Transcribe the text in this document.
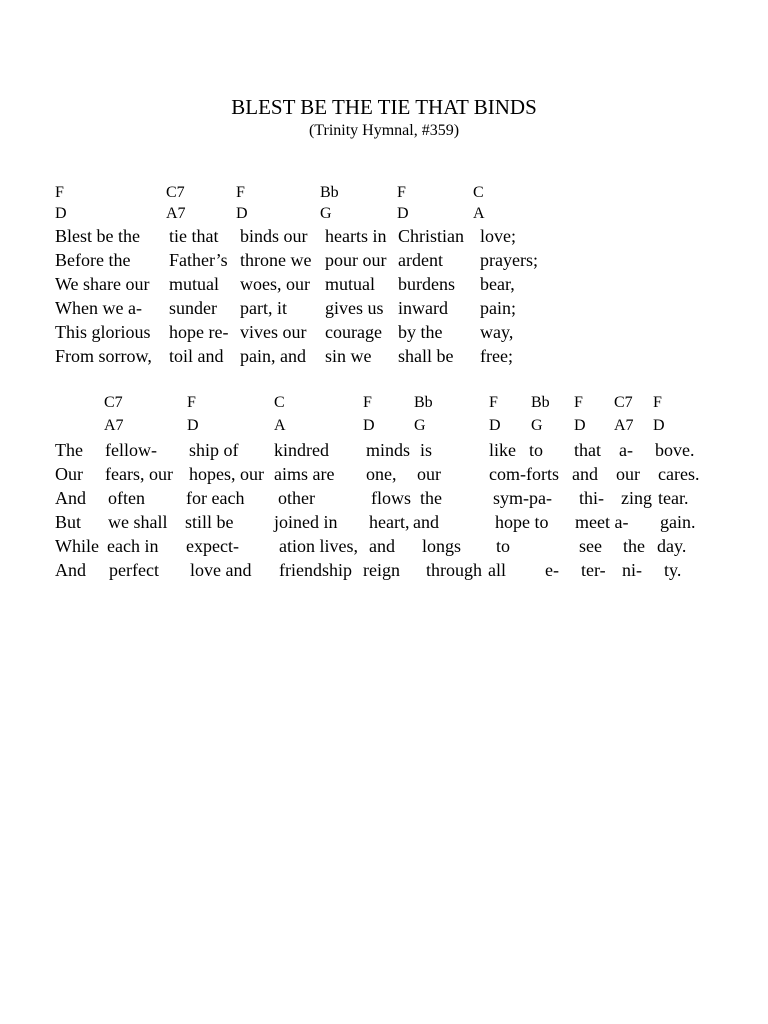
BLEST BE THE TIE THAT BINDS
(Trinity Hymnal, #359)
F	C7	F	Bb	F	C
D	A7	D	G	D	A
Blest be the tie that binds our hearts in Christian love;
Before the Father’s throne we pour our ardent prayers;
We share our mutual woes, our mutual burdens bear,
When we a- sunder part, it gives us inward pain;
This glorious hope re- vives our courage by the way,
From sorrow, toil and pain, and sin we shall be free;
C7	F	C	F	Bb	F Bb F C7 F
A7	D	A	D G	D G D A7 D
The fellow- ship of kindred minds is	like to that a- bove.
Our fears, our hopes, our aims are one, our	com-forts and our cares.
And often for each other	flows the	sym-pa- thi- zing tear.
But we shall still be joined in heart, and	hope to meet a- gain.
While each in expect- ation lives, and longs to	see the day.
And perfect love and friendship reign through all e- ter- ni- ty.
